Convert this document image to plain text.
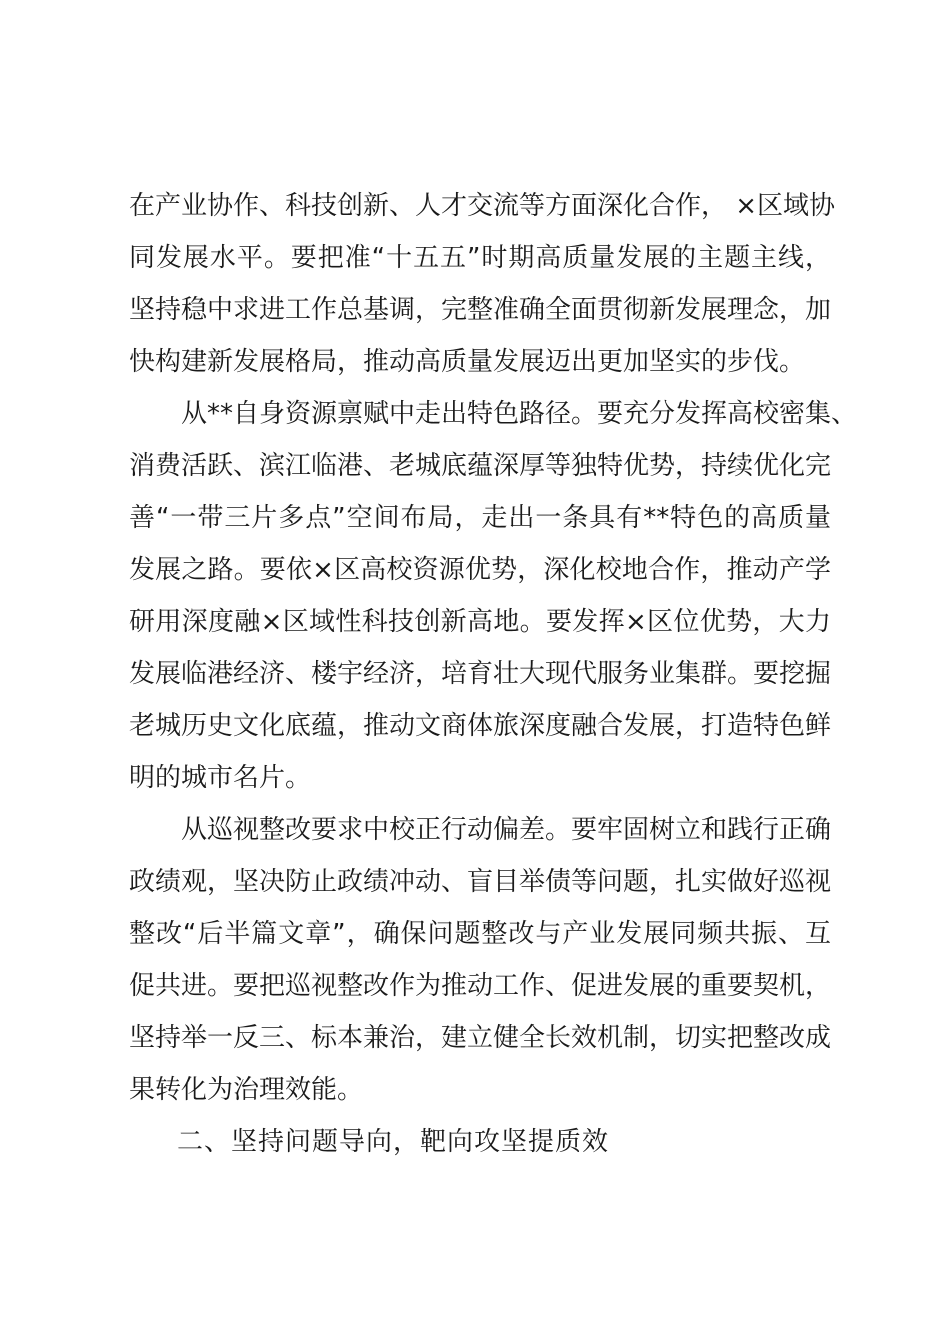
在产业协作、科技创新、人才交流等方面深化合作， ×区域协
同发展水平。要把准“十五五”时期高质量发展的主题主线，
坚持稳中求进工作总基调，完整准确全面贯彻新发展理念，加
快构建新发展格局，推动高质量发展迈出更加坚实的步伐。
从**自身资源禀赋中走出特色路径。要充分发挥高校密集、
消费活跃、滨江临港、老城底蕴深厚等独特优势，持续优化完
善“一带三片多点”空间布局，走出一条具有**特色的高质量
发展之路。要依×区高校资源优势，深化校地合作，推动产学
研用深度融×区域性科技创新高地。要发挥×区位优势，大力
发展临港经济、楼宇经济，培育壮大现代服务业集群。要挖掘
老城历史文化底蕴，推动文商体旅深度融合发展，打造特色鲜
明的城市名片。
从巡视整改要求中校正行动偏差。要牢固树立和践行正确
政绩观，坚决防止政绩冲动、盲目举债等问题，扎实做好巡视
整改“后半篇文章”，确保问题整改与产业发展同频共振、互
促共进。要把巡视整改作为推动工作、促进发展的重要契机，
坚持举一反三、标本兼治，建立健全长效机制，切实把整改成
果转化为治理效能。
二、坚持问题导向，靶向攻坚提质效
